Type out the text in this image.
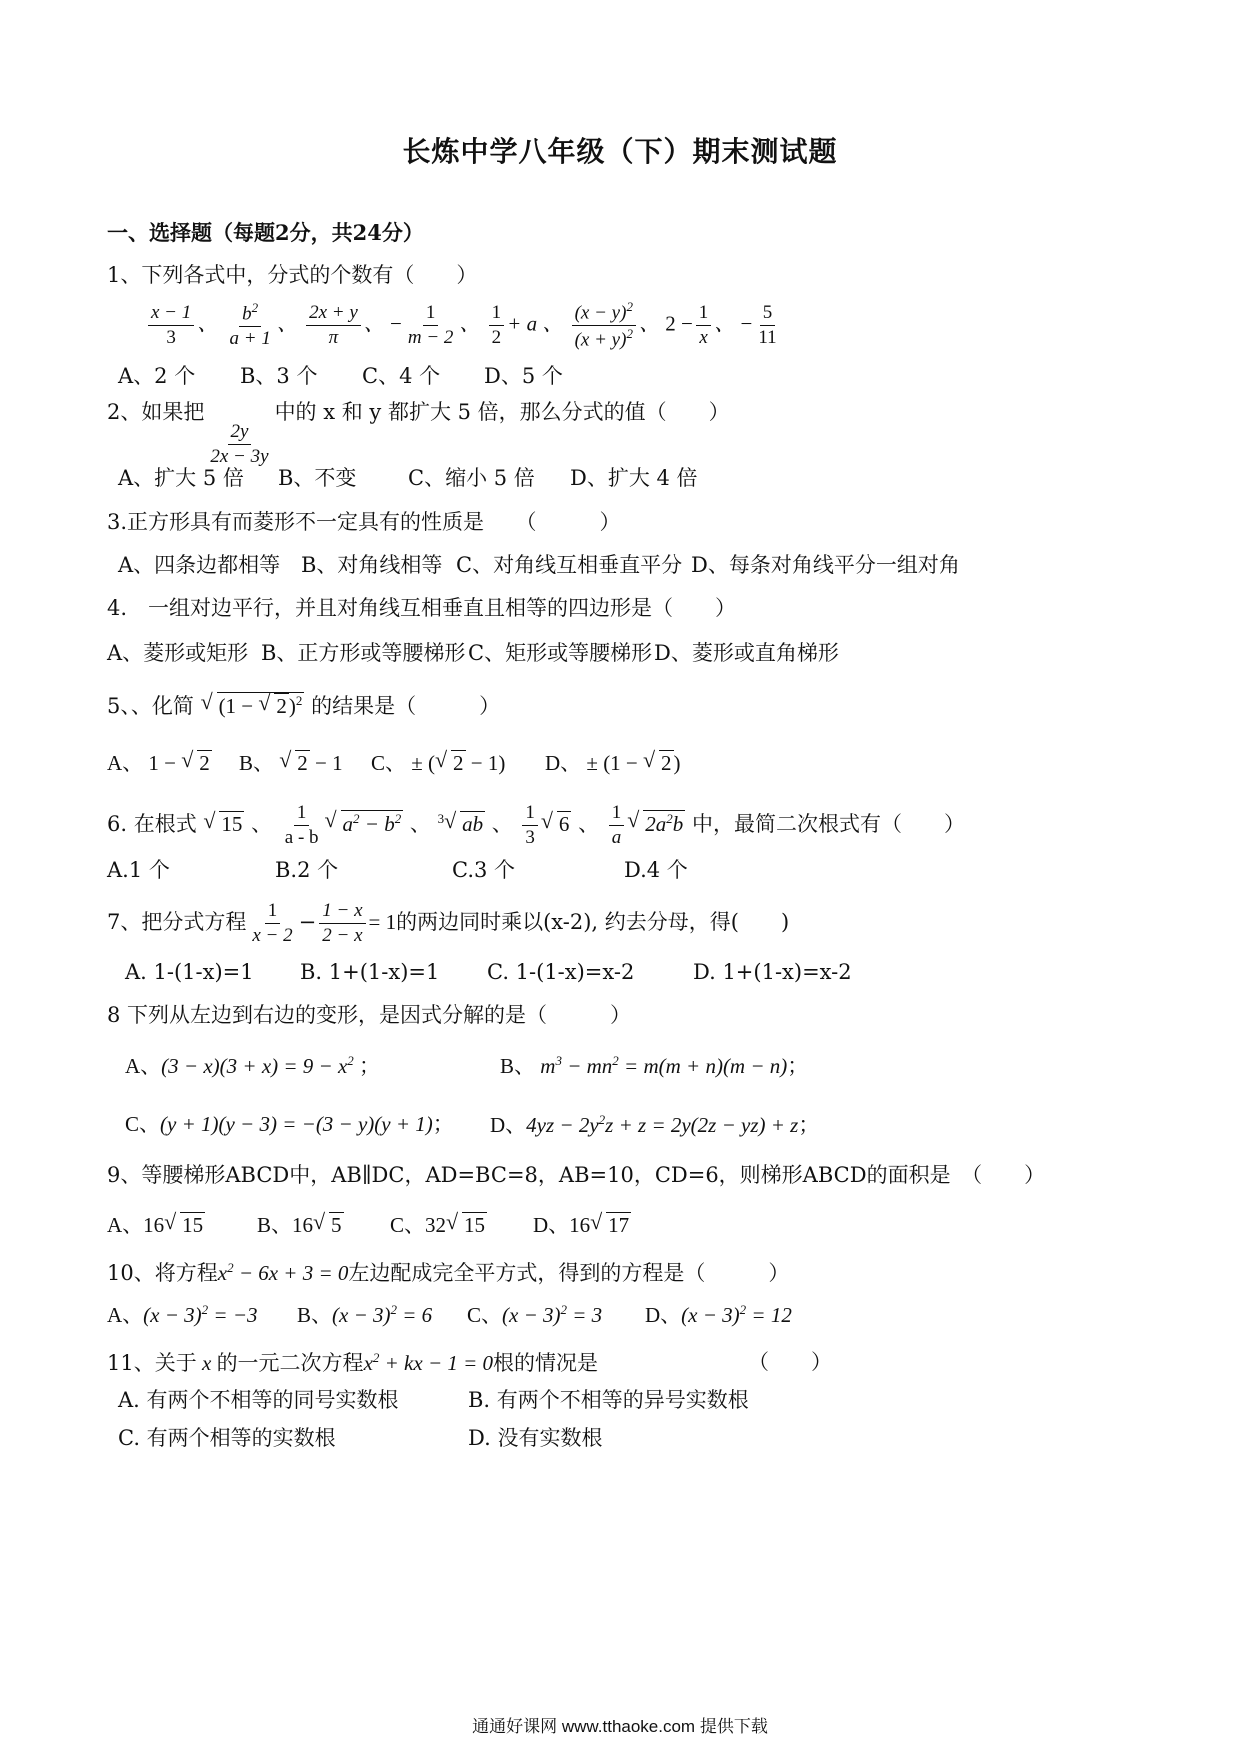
长炼中学八年级（下）期末测试题
一、选择题（每题2分，共24分）
1、下列各式中，分式的个数有（　　）
$\frac{x - 1}{3}$ 、 $\frac{b^2}{a + 1}$ 、 $\frac{2x + y}{\pi}$ 、 − $\frac{1}{m - 2}$ 、 $\frac{1}{2} + a$ 、 $\frac{(x - y)^2}{(x + y)^2}$ 、 $2 - \frac{1}{x}$ 、 − $\frac{5}{11}$
A、2 个 B、3 个 C、4 个 D、5 个
2、如果把
$\frac{2y}{2x - 3y}$
中的 x 和 y 都扩大 5 倍，那么分式的值（　　）
A、扩大 5 倍 B、不变 C、缩小 5 倍 D、扩大 4 倍
3.正方形具有而菱形不一定具有的性质是　　（　　　）
A、四条边都相等 B、对角线相等 C、对角线互相垂直平分 D、每条对角线平分一组对角
4.　一组对边平行，并且对角线互相垂直且相等的四边形是（　　）
A、菱形或矩形 B、正方形或等腰梯形 C、矩形或等腰梯形D、菱形或直角梯形
5、、化简 √ (1 − √ 2)$^2$ 的结果是（　　　）
A、 1 − √ 2 B、 √ 2 − 1 C、 ± ( √ 2 − 1) D、 ± (1 − √ 2)
6. 在根式 √ 15 、 $\frac{1}{a - b}$ √ $a^2 - b^2$ 、 $^3$ √ ab 、 $\frac{1}{3}$ √ 6 、 $\frac{1}{a}$ √ $2a^2b$ 中，最简二次根式有（　　）
A.1 个	B.2 个	C.3 个	D.4 个
7、把分式方程 $\frac{1}{x - 2} - \frac{1 - x}{2 - x} = 1$的两边同时乘以(x-2), 约去分母，得(　　)
A. 1-(1-x)=1 B. 1+(1-x)=1 C. 1-(1-x)=x-2	D. 1+(1-x)=x-2
8 下列从左边到右边的变形，是因式分解的是（　　　）
A、$(3 - x)(3 + x) = 9 - x^2$ ；	B、 $m^3 - mn^2 = m(m + n)(m - n)$；
C、(y + 1)(y − 3) = −(3 − y)(y + 1)； D、$4yz - 2y^2z + z = 2y(2z - yz) + z$；
9、等腰梯形ABCD中，AB∥DC，AD=BC=8，AB=10，CD=6，则梯形ABCD的面积是　（　　）
A、16 √ 15	B、16 √ 5 C、32 √ 15 D、16 √ 17
10、将方程$x^2 - 6x + 3 = 0$左边配成完全平方式，得到的方程是（　　　）
A、$(x - 3)^2 = -3$ B、$(x - 3)^2 = 6$ C、$(x - 3)^2 = 3$ D、$(x - 3)^2 = 12$
11、关于 x 的一元二次方程$x^2$ + kx − 1 = 0根的情况是	（　　）
A. 有两个不相等的同号实数根	B. 有两个不相等的异号实数根
C. 有两个相等的实数根	D. 没有实数根
通通好课网 www.tthaoke.com 提供下载
